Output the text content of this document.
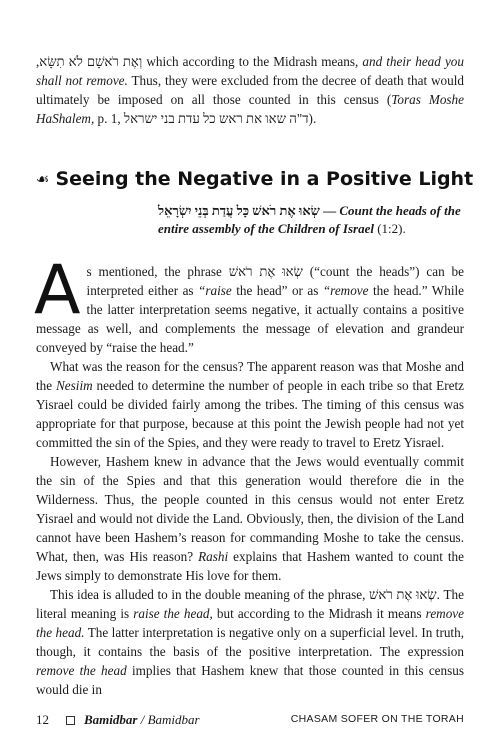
וְאֶת רֹאשָׁם לֹא תִשָּׂא, which according to the Midrash means, and their head you shall not remove. Thus, they were excluded from the decree of death that would ultimately be imposed on all those counted in this census (Toras Moshe HaShalem, p. 1, ד"ה שאו את ראש כל עדת בני ישראל).
☙ Seeing the Negative in a Positive Light
שְׂאוּ אֶת רֹאשׁ כָּל עֲדַת בְּנֵי יִשְׂרָאֵל — Count the heads of the entire assembly of the Children of Israel (1:2).

As mentioned, the phrase שְׂאוּ אֶת רֹאשׁ (“count the heads”) can be interpreted either as “raise the head” or as “remove the head.” While the latter interpretation seems negative, it actually contains a positive message as well, and complements the message of elevation and grandeur conveyed by “raise the head.”

What was the reason for the census? The apparent reason was that Moshe and the Nesiim needed to determine the number of people in each tribe so that Eretz Yisrael could be divided fairly among the tribes. The timing of this census was appropriate for that purpose, because at this point the Jewish people had not yet committed the sin of the Spies, and they were ready to travel to Eretz Yisrael.

However, Hashem knew in advance that the Jews would eventually commit the sin of the Spies and that this generation would therefore die in the Wilderness. Thus, the people counted in this census would not enter Eretz Yisrael and would not divide the Land. Obviously, then, the division of the Land cannot have been Hashem’s reason for commanding Moshe to take the census. What, then, was His reason? Rashi explains that Hashem wanted to count the Jews simply to demonstrate His love for them.

This idea is alluded to in the double meaning of the phrase, שְׂאוּ אֶת רֹאשׁ. The literal meaning is raise the head, but according to the Midrash it means remove the head. The latter interpretation is negative only on a superficial level. In truth, though, it contains the basis of the positive interpretation. The expression remove the head implies that Hashem knew that those counted in this census would die in

12	Bamidbar / Bamidbar	CHASAM SOFER ON THE TORAH
